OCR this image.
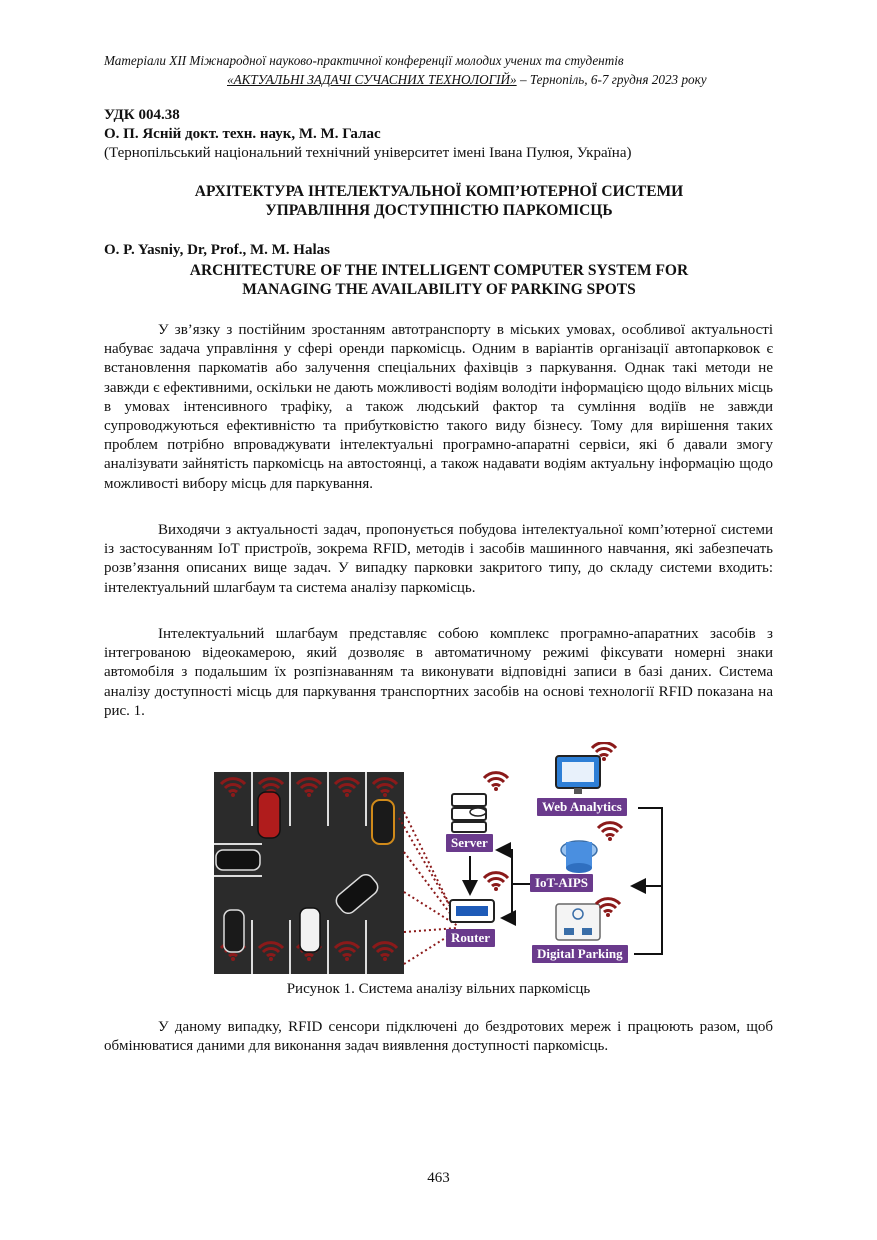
Матеріали XII Міжнародної науково-практичної конференції молодих учених та студентів
«АКТУАЛЬНІ ЗАДАЧІ СУЧАСНИХ ТЕХНОЛОГІЙ» – Тернопіль, 6-7 грудня 2023 року
УДК 004.38
О. П. Ясній докт. техн. наук, М. М. Галас
(Тернопільський національний технічний університет імені Івана Пулюя, Україна)
АРХІТЕКТУРА ІНТЕЛЕКТУАЛЬНОЇ КОМП’ЮТЕРНОЇ СИСТЕМИ
УПРАВЛІННЯ ДОСТУПНІСТЮ ПАРКОМІСЦЬ
O. P. Yasniy, Dr, Prof., M. M. Halas
ARCHITECTURE OF THE INTELLIGENT COMPUTER SYSTEM FOR
MANAGING THE AVAILABILITY OF PARKING SPOTS

У зв’язку з постійним зростанням автотранспорту в міських умовах, особливої актуальності набуває задача управління у сфері оренди паркомісць. Одним в варіантів організації автопарковок є встановлення паркоматів або залучення спеціальних фахівців з паркування. Однак такі методи не завжди є ефективними, оскільки не дають можливості водіям володіти інформацією щодо вільних місць в умовах інтенсивного трафіку, а також людський фактор та сумління водіїв не завжди супроводжуються ефективністю та прибутковістю такого виду бізнесу. Тому для вирішення таких проблем потрібно впроваджувати інтелектуальні програмно-апаратні сервіси, які б давали змогу аналізувати зайнятість паркомісць на автостоянці, а також надавати водіям актуальну інформацію щодо можливості вибору місць для паркування.

Виходячи з актуальності задач, пропонується побудова інтелектуальної комп’ютерної системи із застосуванням IoT пристроїв, зокрема RFID, методів і засобів машинного навчання, які забезпечать розв’язання описаних вище задач. У випадку парковки закритого типу, до складу системи входить: інтелектуальний шлагбаум та система аналізу паркомісць.

Інтелектуальний шлагбаум представляє собою комплекс програмно-апаратних засобів з інтегрованою відеокамерою, який дозволяє в автоматичному режимі фіксувати номерні знаки автомобіля з подальшим їх розпізнаванням та виконувати відповідні записи в базі даних. Система аналізу доступності місць для паркування транспортних засобів на основі технології RFID показана на рис. 1.

Web Analytics
Server
IoT-AIPS
Router
Digital Parking
Рисунок 1. Система аналізу вільних паркомісць

У даному випадку, RFID сенсори підключені до бездротових мереж і працюють разом, щоб обмінюватися даними для виконання задач виявлення доступності паркомісць.

463
